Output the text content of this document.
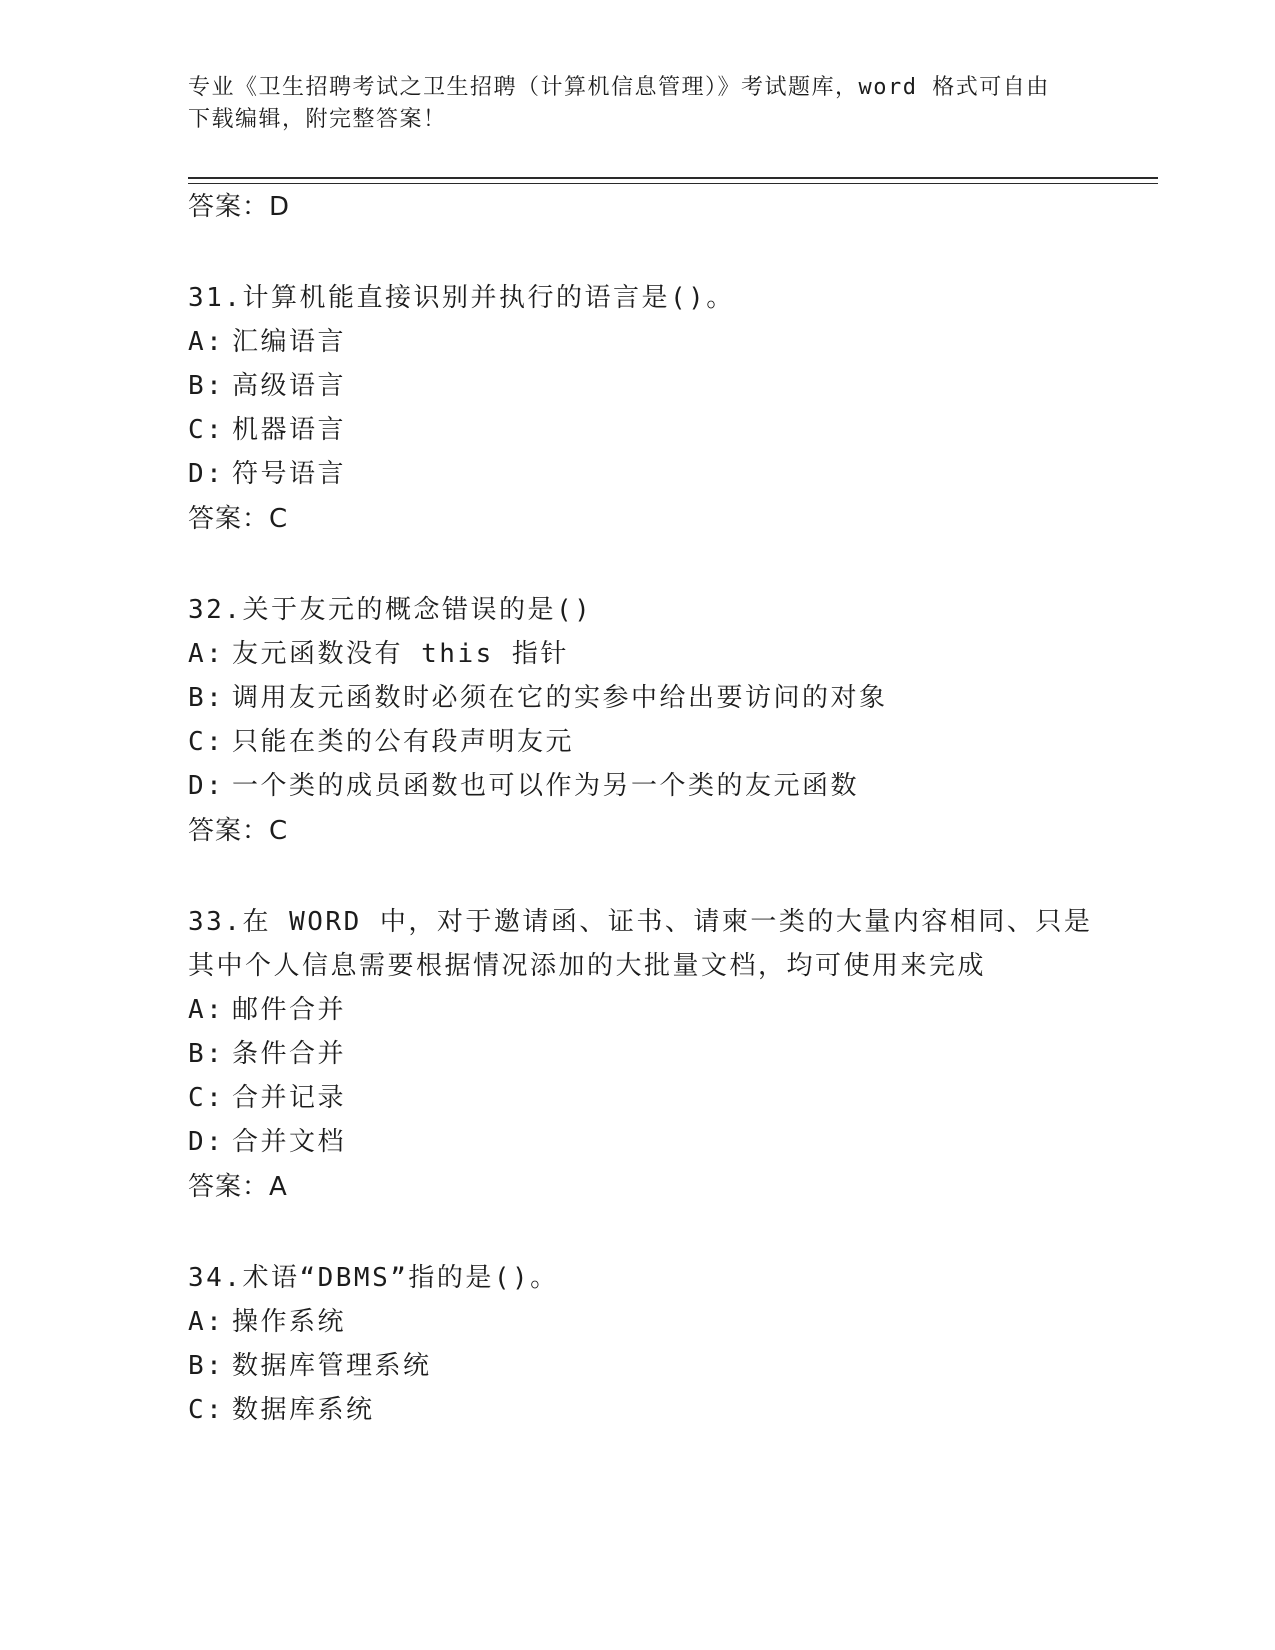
专业《卫生招聘考试之卫生招聘（计算机信息管理）》考试题库，word 格式可自由下载编辑，附完整答案！
答案：D
31.计算机能直接识别并执行的语言是()。
A: 汇编语言
B: 高级语言
C: 机器语言
D: 符号语言
答案：C
32.关于友元的概念错误的是()
A: 友元函数没有 this 指针
B: 调用友元函数时必须在它的实参中给出要访问的对象
C: 只能在类的公有段声明友元
D: 一个类的成员函数也可以作为另一个类的友元函数
答案：C
33.在 WORD 中，对于邀请函、证书、请柬一类的大量内容相同、只是
其中个人信息需要根据情况添加的大批量文档，均可使用来完成
A: 邮件合并
B: 条件合并
C: 合并记录
D: 合并文档
答案：A
34.术语“DBMS”指的是()。
A: 操作系统
B: 数据库管理系统
C: 数据库系统
